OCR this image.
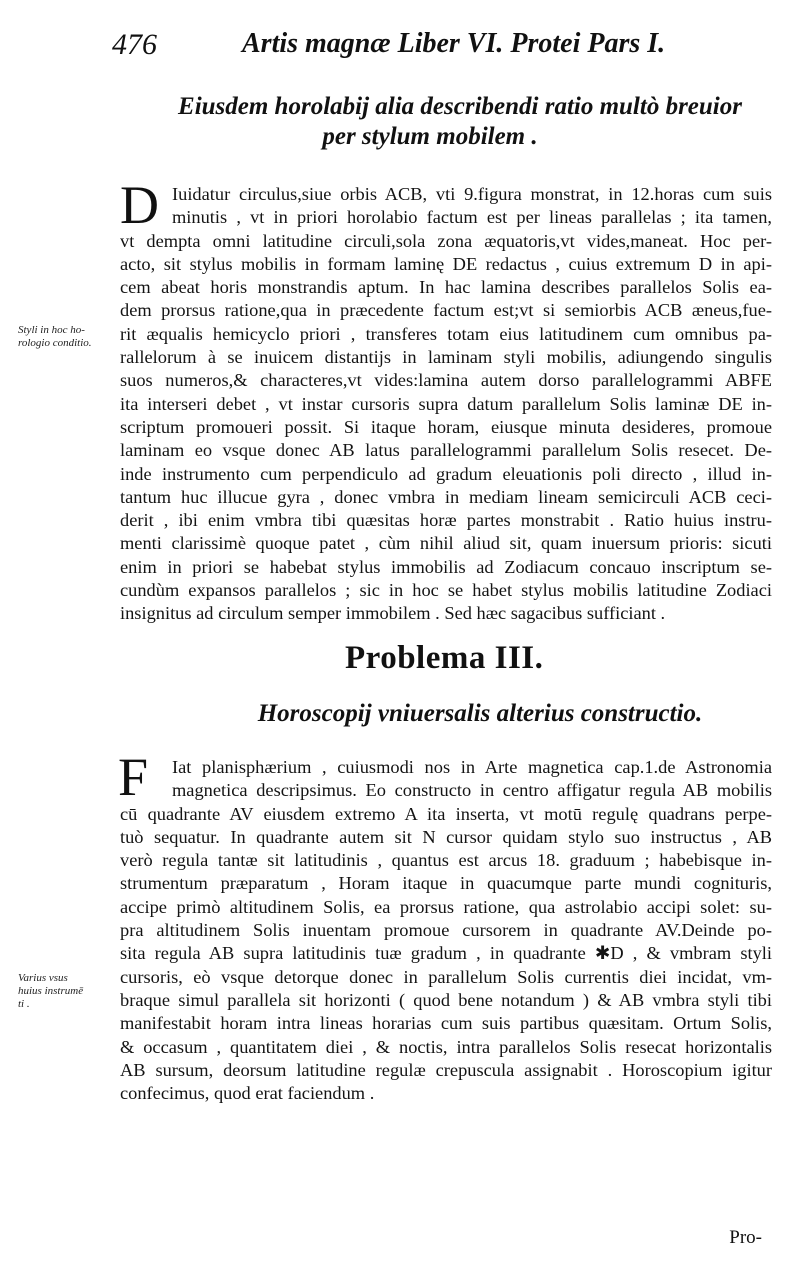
476	Artis magnæ Liber VI. Protei Pars I.
Eiusdem horolabij alia describendi ratio multò breuior
per stylum mobilem .
D Iuidatur circulus,siue orbis ACB, vti 9.figura monstrat, in 12.horas cum suis
minutis , vt in priori horolabio factum est per lineas parallelas ; ita tamen,
vt dempta omni latitudine circuli,sola zona æquatoris,vt vides,maneat. Hoc per-
acto, sit stylus mobilis in formam laminę DE redactus , cuius extremum D in api-
cem abeat horis monstrandis aptum. In hac lamina describes parallelos Solis ea-
dem prorsus ratione,qua in præcedente factum est;vt si semiorbis ACB æneus,fue-
rit æqualis hemicyclo priori , transferes totam eius latitudinem cum omnibus pa-
rallelorum à se inuicem distantijs in laminam styli mobilis, adiungendo singulis
suos numeros,& characteres,vt vides:lamina autem dorso parallelogrammi ABFE
ita interseri debet , vt instar cursoris supra datum parallelum Solis laminæ DE in-
scriptum promoueri possit. Si itaque horam, eiusque minuta desideres, promoue
laminam eo vsque donec AB latus parallelogrammi parallelum Solis resecet. De-
inde instrumento cum perpendiculo ad gradum eleuationis poli directo , illud in-
tantum huc illucue gyra , donec vmbra in mediam lineam semicirculi ACB ceci-
derit , ibi enim vmbra tibi quæsitas horæ partes monstrabit . Ratio huius instru-
menti clarissimè quoque patet , cùm nihil aliud sit, quam inuersum prioris: sicuti
enim in priori se habebat stylus immobilis ad Zodiacum concauo inscriptum se-
cundùm expansos parallelos ; sic in hoc se habet stylus mobilis latitudine Zodiaci
insignitus ad circulum semper immobilem . Sed hæc sagacibus sufficiant .
Styli in hoc ho-
rologio conditio.
Problema III.
Horoscopij vniuersalis alterius constructio.
F	Iat planisphærium , cuiusmodi nos in Arte magnetica cap.1.de Astronomia
magnetica descripsimus. Eo constructo in centro affigatur regula AB mobilis
cū quadrante AV eiusdem extremo A ita inserta, vt motū regulę quadrans perpe-
tuò sequatur. In quadrante autem sit N cursor quidam stylo suo instructus , AB
verò regula tantæ sit latitudinis , quantus est arcus 18. graduum ; habebisque in-
strumentum præparatum , Horam itaque in quacumque parte mundi cognituris,
accipe primò altitudinem Solis, ea prorsus ratione, qua astrolabio accipi solet: su-
pra altitudinem Solis inuentam promoue cursorem in quadrante AV.Deinde po-
sita regula AB supra latitudinis tuæ gradum , in quadrante ✱D , & vmbram styli
cursoris, eò vsque detorque donec in parallelum Solis currentis diei incidat, vm-
braque simul parallela sit horizonti ( quod bene notandum ) & AB vmbra styli tibi
manifestabit horam intra lineas horarias cum suis partibus quæsitam. Ortum Solis,
& occasum , quantitatem diei , & noctis, intra parallelos Solis resecat horizontalis
AB sursum, deorsum latitudine regulæ crepuscula assignabit . Horoscopium igitur
confecimus, quod erat faciendum .
Varius vsus
huius instrumē
ti .
Pro-
